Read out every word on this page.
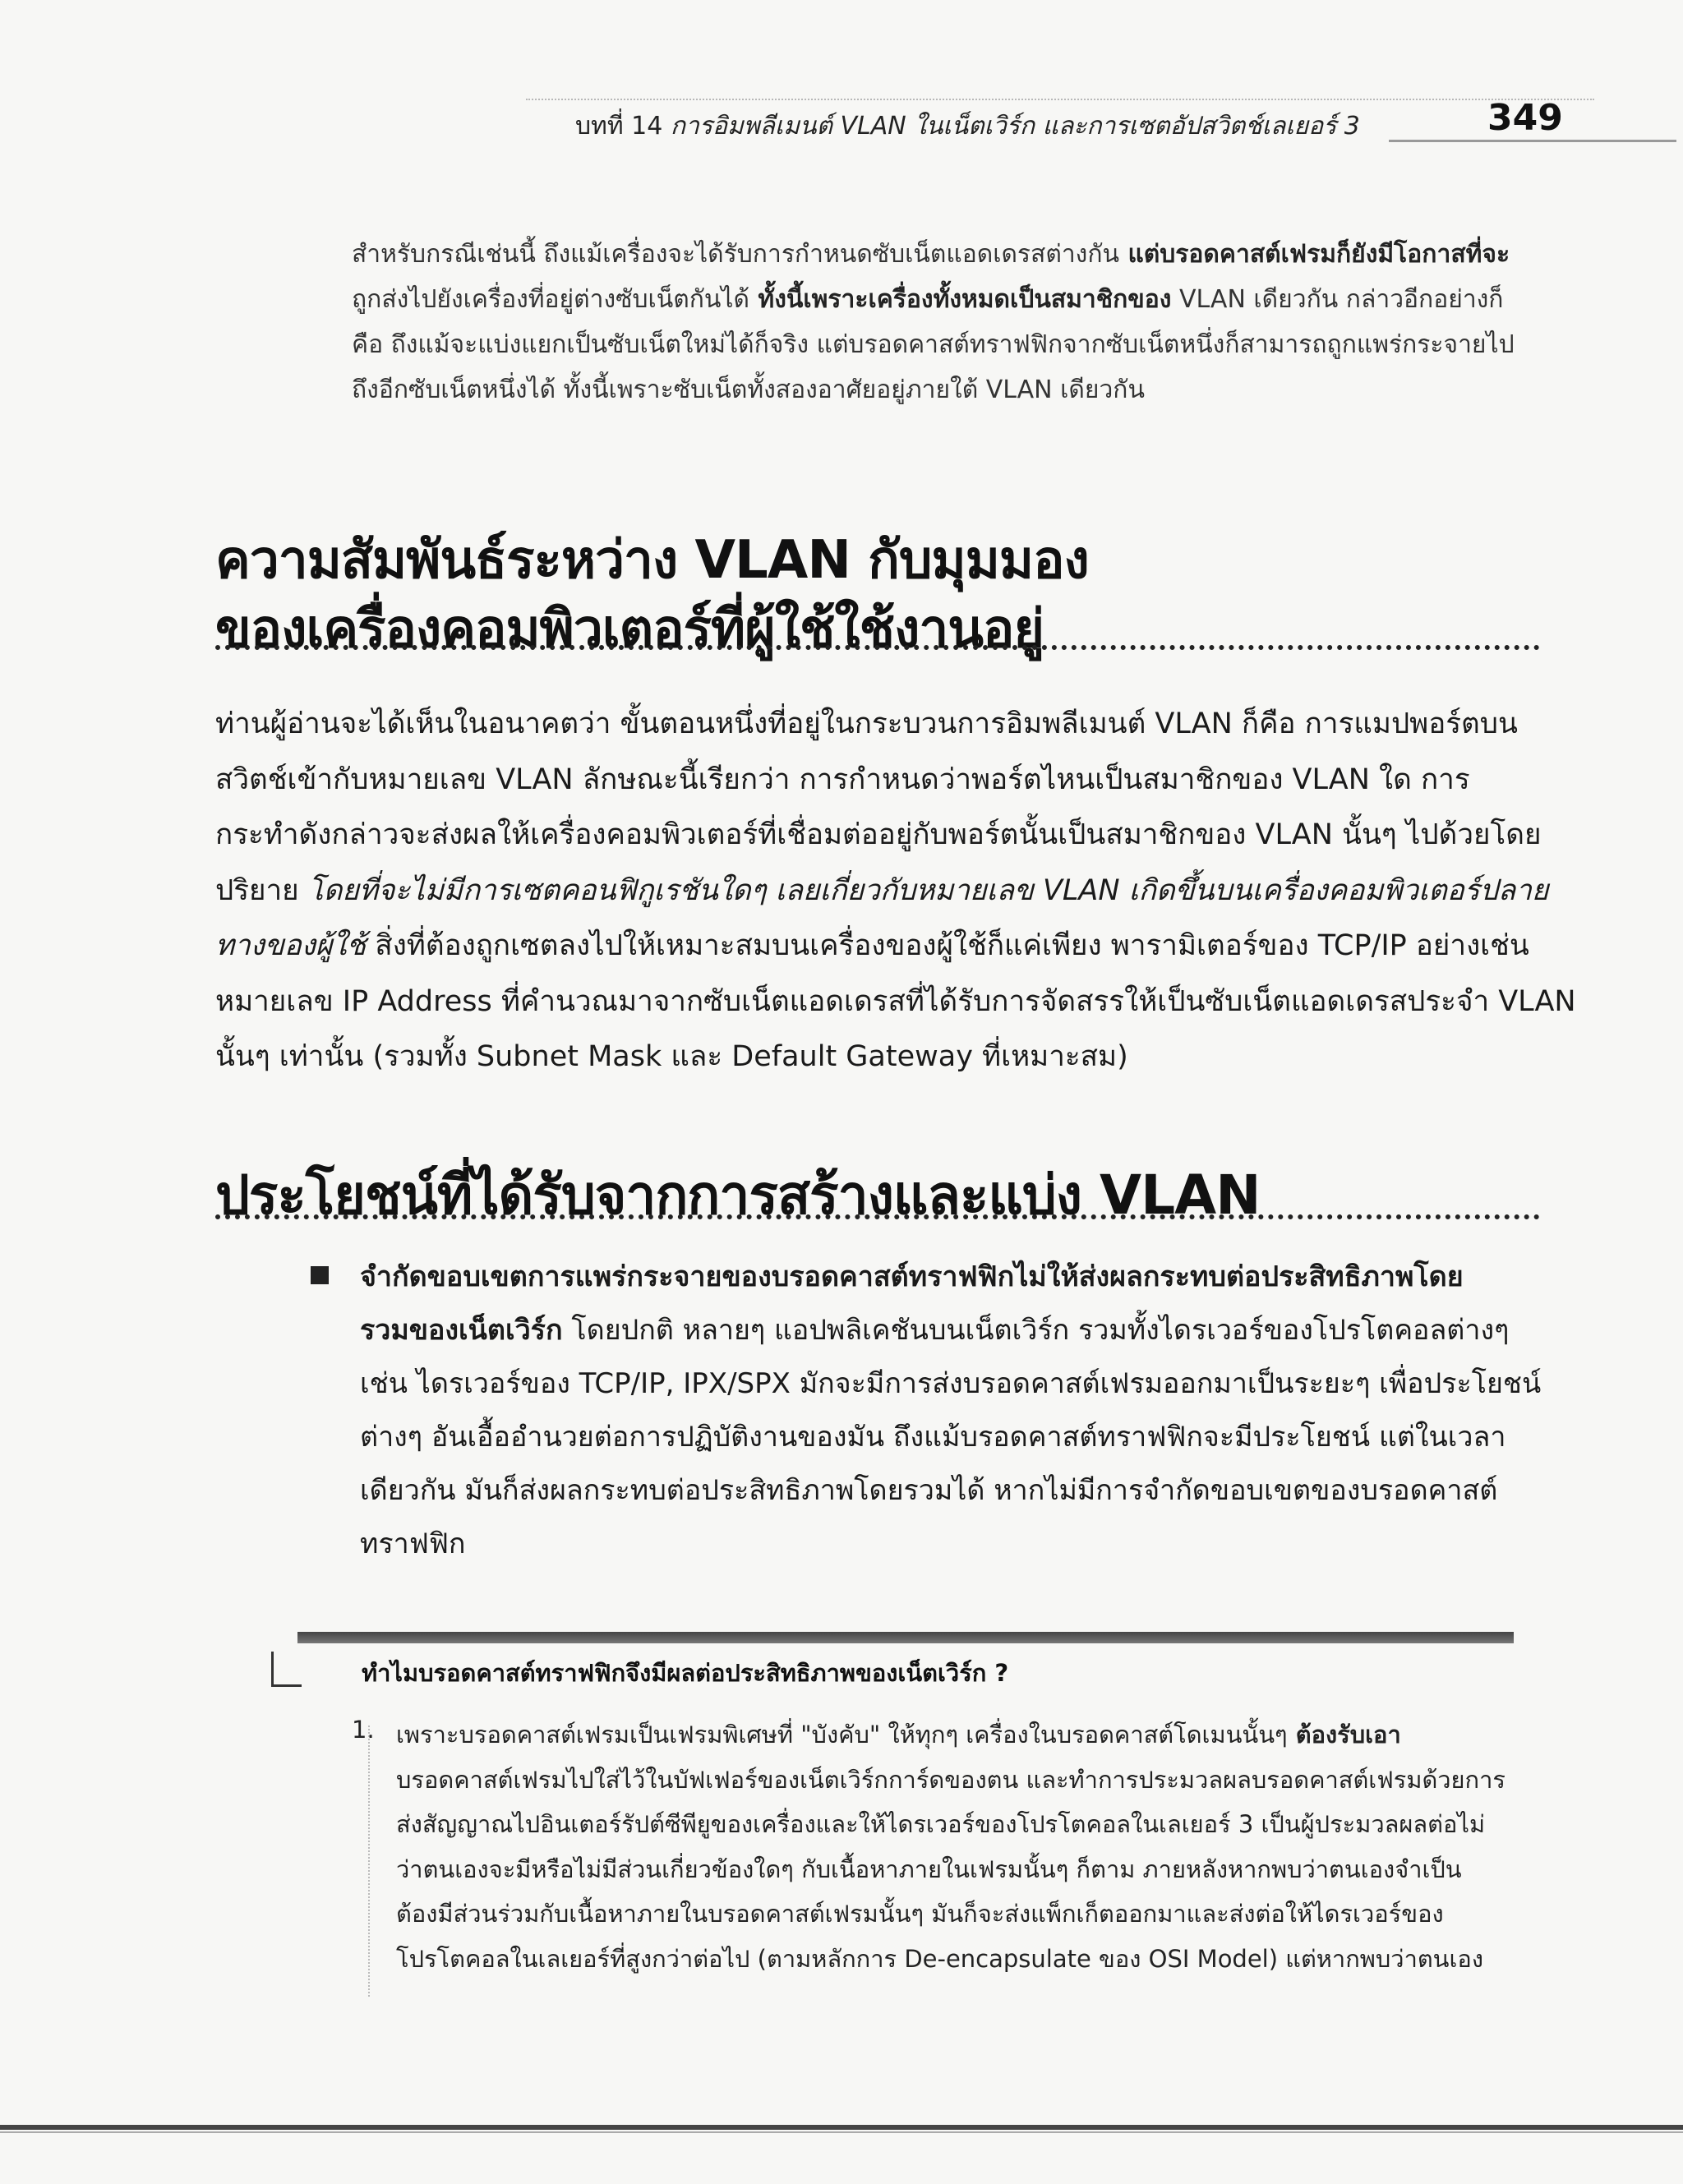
บทที่ 14 การอิมพลีเมนต์ VLAN ในเน็ตเวิร์ก และการเซตอัปสวิตช์เลเยอร์ 3	349

สำหรับกรณีเช่นนี้ ถึงแม้เครื่องจะได้รับการกำหนดซับเน็ตแอดเดรสต่างกัน แต่บรอดคาสต์เฟรมก็ยังมีโอกาสที่จะ

ถูกส่งไปยังเครื่องที่อยู่ต่างซับเน็ตกันได้ ทั้งนี้เพราะเครื่องทั้งหมดเป็นสมาชิกของ VLAN เดียวกัน กล่าวอีกอย่างก็

คือ ถึงแม้จะแบ่งแยกเป็นซับเน็ตใหม่ได้ก็จริง แต่บรอดคาสต์ทราฟฟิกจากซับเน็ตหนึ่งก็สามารถถูกแพร่กระจายไป

ถึงอีกซับเน็ตหนึ่งได้ ทั้งนี้เพราะซับเน็ตทั้งสองอาศัยอยู่ภายใต้ VLAN เดียวกัน

ความสัมพันธ์ระหว่าง VLAN กับมุมมอง
ของเครื่องคอมพิวเตอร์ที่ผู้ใช้ใช้งานอยู่

ท่านผู้อ่านจะได้เห็นในอนาคตว่า ขั้นตอนหนึ่งที่อยู่ในกระบวนการอิมพลีเมนต์ VLAN ก็คือ การแมปพอร์ตบน

สวิตช์เข้ากับหมายเลข VLAN ลักษณะนี้เรียกว่า การกำหนดว่าพอร์ตไหนเป็นสมาชิกของ VLAN ใด การ

กระทำดังกล่าวจะส่งผลให้เครื่องคอมพิวเตอร์ที่เชื่อมต่ออยู่กับพอร์ตนั้นเป็นสมาชิกของ VLAN นั้นๆ ไปด้วยโดย

ปริยาย โดยที่จะไม่มีการเซตคอนฟิกูเรชันใดๆ เลยเกี่ยวกับหมายเลข VLAN เกิดขึ้นบนเครื่องคอมพิวเตอร์ปลาย

ทางของผู้ใช้ สิ่งที่ต้องถูกเซตลงไปให้เหมาะสมบนเครื่องของผู้ใช้ก็แค่เพียง พารามิเตอร์ของ TCP/IP อย่างเช่น

หมายเลข IP Address ที่คำนวณมาจากซับเน็ตแอดเดรสที่ได้รับการจัดสรรให้เป็นซับเน็ตแอดเดรสประจำ VLAN

นั้นๆ เท่านั้น (รวมทั้ง Subnet Mask และ Default Gateway ที่เหมาะสม)

ประโยชน์ที่ได้รับจากการสร้างและแบ่ง VLAN

จำกัดขอบเขตการแพร่กระจายของบรอดคาสต์ทราฟฟิกไม่ให้ส่งผลกระทบต่อประสิทธิภาพโดย

รวมของเน็ตเวิร์ก โดยปกติ หลายๆ แอปพลิเคชันบนเน็ตเวิร์ก รวมทั้งไดรเวอร์ของโปรโตคอลต่างๆ

เช่น ไดรเวอร์ของ TCP/IP, IPX/SPX มักจะมีการส่งบรอดคาสต์เฟรมออกมาเป็นระยะๆ เพื่อประโยชน์

ต่างๆ อันเอื้ออำนวยต่อการปฏิบัติงานของมัน ถึงแม้บรอดคาสต์ทราฟฟิกจะมีประโยชน์ แต่ในเวลา

เดียวกัน มันก็ส่งผลกระทบต่อประสิทธิภาพโดยรวมได้ หากไม่มีการจำกัดขอบเขตของบรอดคาสต์

ทราฟฟิก

ทำไมบรอดคาสต์ทราฟฟิกจึงมีผลต่อประสิทธิภาพของเน็ตเวิร์ก ?
1. เพราะบรอดคาสต์เฟรมเป็นเฟรมพิเศษที่ "บังคับ" ให้ทุกๆ เครื่องในบรอดคาสต์โดเมนนั้นๆ ต้องรับเอา

บรอดคาสต์เฟรมไปใส่ไว้ในบัฟเฟอร์ของเน็ตเวิร์กการ์ดของตน และทำการประมวลผลบรอดคาสต์เฟรมด้วยการ

ส่งสัญญาณไปอินเตอร์รัปต์ซีพียูของเครื่องและให้ไดรเวอร์ของโปรโตคอลในเลเยอร์ 3 เป็นผู้ประมวลผลต่อไม่

ว่าตนเองจะมีหรือไม่มีส่วนเกี่ยวข้องใดๆ กับเนื้อหาภายในเฟรมนั้นๆ ก็ตาม ภายหลังหากพบว่าตนเองจำเป็น

ต้องมีส่วนร่วมกับเนื้อหาภายในบรอดคาสต์เฟรมนั้นๆ มันก็จะส่งแพ็กเก็ตออกมาและส่งต่อให้ไดรเวอร์ของ

โปรโตคอลในเลเยอร์ที่สูงกว่าต่อไป (ตามหลักการ De-encapsulate ของ OSI Model) แต่หากพบว่าตนเอง
